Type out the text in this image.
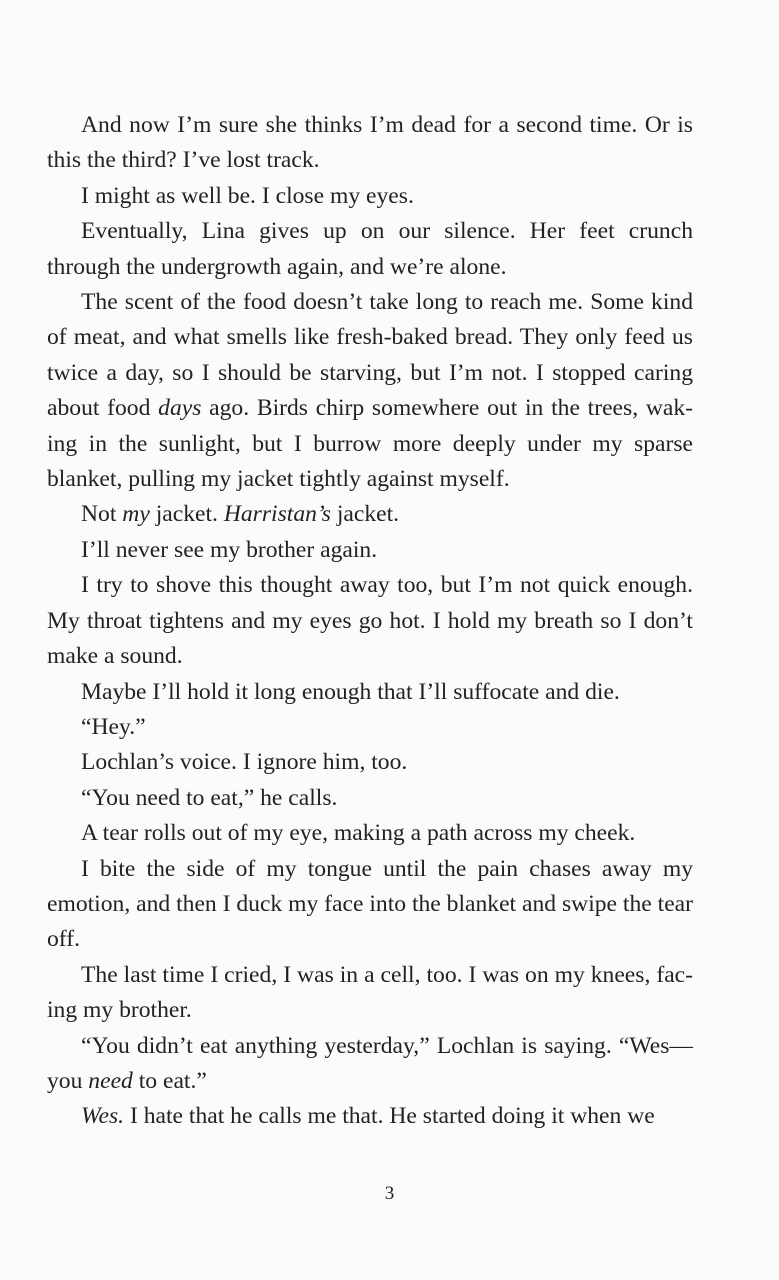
And now I’m sure she thinks I’m dead for a second time. Or is this the third? I’ve lost track.

I might as well be. I close my eyes.

Eventually, Lina gives up on our silence. Her feet crunch through the undergrowth again, and we’re alone.

The scent of the food doesn’t take long to reach me. Some kind of meat, and what smells like fresh-baked bread. They only feed us twice a day, so I should be starving, but I’m not. I stopped caring about food days ago. Birds chirp somewhere out in the trees, waking in the sunlight, but I burrow more deeply under my sparse blanket, pulling my jacket tightly against myself.

Not my jacket. Harristan’s jacket.

I’ll never see my brother again.

I try to shove this thought away too, but I’m not quick enough. My throat tightens and my eyes go hot. I hold my breath so I don’t make a sound.

Maybe I’ll hold it long enough that I’ll suffocate and die.

“Hey.”

Lochlan’s voice. I ignore him, too.

“You need to eat,” he calls.

A tear rolls out of my eye, making a path across my cheek.

I bite the side of my tongue until the pain chases away my emotion, and then I duck my face into the blanket and swipe the tear off.

The last time I cried, I was in a cell, too. I was on my knees, facing my brother.

“You didn’t eat anything yesterday,” Lochlan is saying. “Wes— you need to eat.”

Wes. I hate that he calls me that. He started doing it when we

3
